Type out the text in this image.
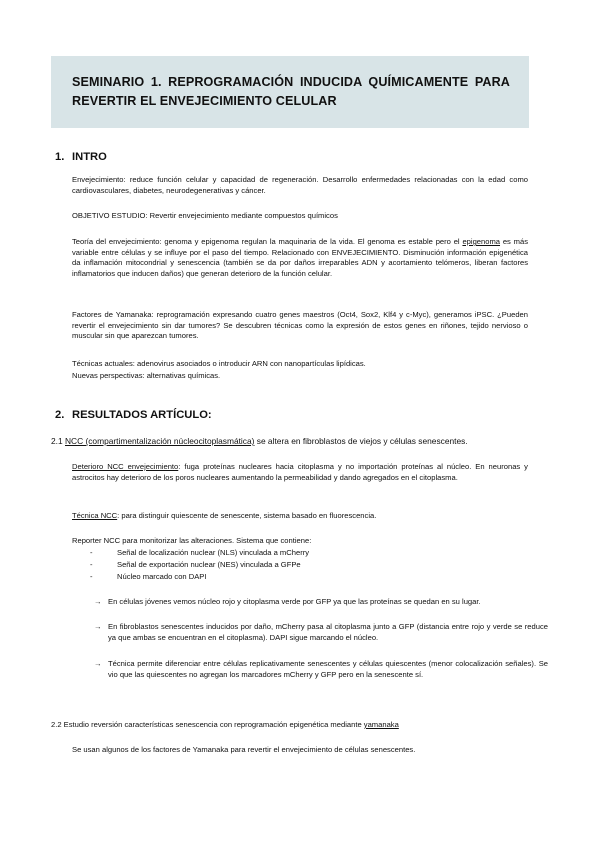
SEMINARIO 1. REPROGRAMACIÓN INDUCIDA QUÍMICAMENTE PARA REVERTIR EL ENVEJECIMIENTO CELULAR
1. INTRO
Envejecimiento: reduce función celular y capacidad de regeneración. Desarrollo enfermedades relacionadas con la edad como cardiovasculares, diabetes, neurodegenerativas y cáncer.
OBJETIVO ESTUDIO: Revertir envejecimiento mediante compuestos químicos
Teoría del envejecimiento: genoma y epigenoma regulan la maquinaria de la vida. El genoma es estable pero el epigenoma es más variable entre células y se influye por el paso del tiempo. Relacionado con ENVEJECIMIENTO. Disminución información epigenética da inflamación mitocondrial y senescencia (también se da por daños irreparables ADN y acortamiento telómeros, liberan factores inflamatorios que inducen daños) que generan deterioro de la función celular.
Factores de Yamanaka: reprogramación expresando cuatro genes maestros (Oct4, Sox2, Klf4 y c-Myc), generamos iPSC. ¿Pueden revertir el envejecimiento sin dar tumores? Se descubren técnicas como la expresión de estos genes en riñones, tejido nervioso o muscular sin que aparezcan tumores.
Técnicas actuales: adenovirus asociados o introducir ARN con nanopartículas lipídicas.
Nuevas perspectivas: alternativas químicas.
2. RESULTADOS ARTÍCULO:
2.1 NCC (compartimentalización núcleocitoplasmática) se altera en fibroblastos de viejos y células senescentes.
Deterioro NCC envejecimiento: fuga proteínas nucleares hacia citoplasma y no importación proteínas al núcleo. En neuronas y astrocitos hay deterioro de los poros nucleares aumentando la permeabilidad y dando agregados en el citoplasma.
Técnica NCC: para distinguir quiescente de senescente, sistema basado en fluorescencia.
Reporter NCC para monitorizar las alteraciones. Sistema que contiene:
-	Señal de localización nuclear (NLS) vinculada a mCherry
-	Señal de exportación nuclear (NES) vinculada a GFPe
-	Núcleo marcado con DAPI
→ En células jóvenes vemos núcleo rojo y citoplasma verde por GFP ya que las proteínas se quedan en su lugar.
→ En fibroblastos senescentes inducidos por daño, mCherry pasa al citoplasma junto a GFP (distancia entre rojo y verde se reduce ya que ambas se encuentran en el citoplasma). DAPI sigue marcando el núcleo.
→ Técnica permite diferenciar entre células replicativamente senescentes y células quiescentes (menor colocalización señales). Se vio que las quiescentes no agregan los marcadores mCherry y GFP pero en la senescente sí.
2.2 Estudio reversión características senescencia con reprogramación epigenética mediante yamanaka
Se usan algunos de los factores de Yamanaka para revertir el envejecimiento de células senescentes.
